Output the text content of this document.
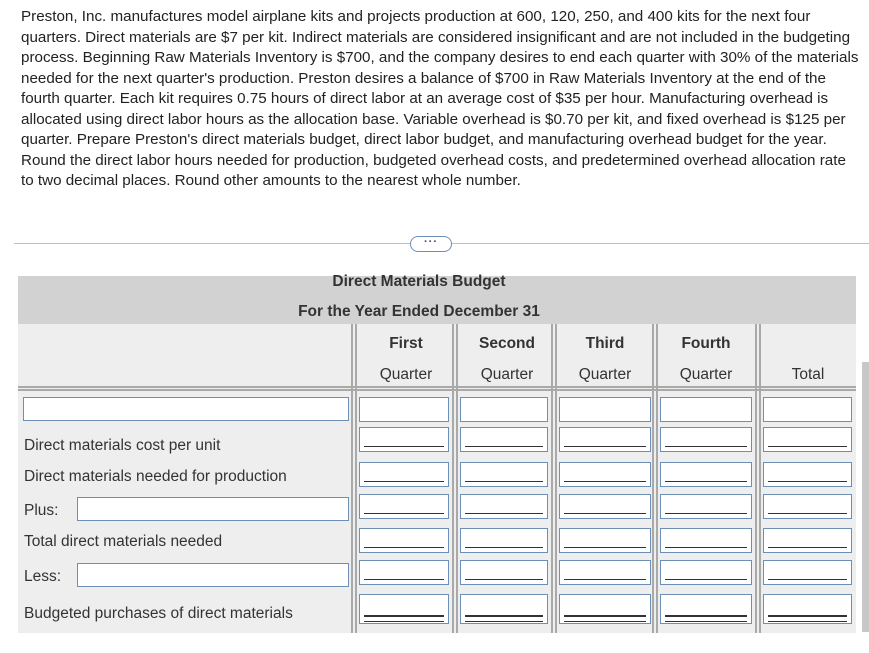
Preston, Inc. manufactures model airplane kits and projects production at 600, 120, 250, and 400 kits for the next four quarters. Direct materials are $7 per kit. Indirect materials are considered insignificant and are not included in the budgeting process. Beginning Raw Materials Inventory is $700, and the company desires to end each quarter with 30% of the materials needed for the next quarter's production. Preston desires a balance of $700 in Raw Materials Inventory at the end of the fourth quarter. Each kit requires 0.75 hours of direct labor at an average cost of $35 per hour. Manufacturing overhead is allocated using direct labor hours as the allocation base. Variable overhead is $0.70 per kit, and fixed overhead is $125 per quarter. Prepare Preston's direct materials budget, direct labor budget, and manufacturing overhead budget for the year. Round the direct labor hours needed for production, budgeted overhead costs, and predetermined overhead allocation rate to two decimal places. Round other amounts to the nearest whole number.

···
Direct Materials Budget
For the Year Ended December 31
First
Quarter
Second
Quarter
Third
Quarter
Fourth
Quarter	Total
Direct materials cost per unit
Direct materials needed for production
Plus:
Total direct materials needed
Less:
Budgeted purchases of direct materials
